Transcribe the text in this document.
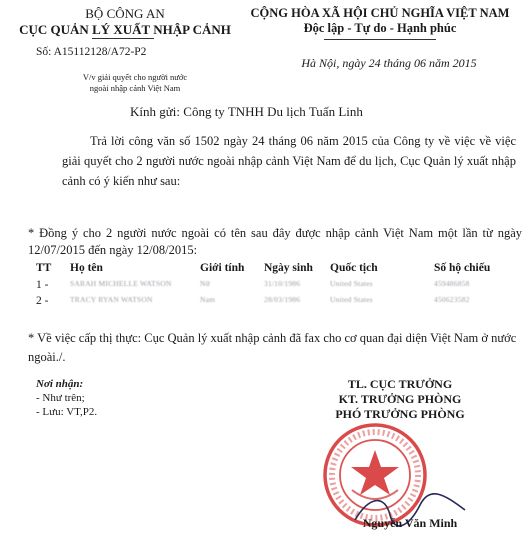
BỘ CÔNG AN
CỤC QUẢN LÝ XUẤT NHẬP CẢNH
Số: A15112128/A72-P2
V/v giải quyết cho người nước
ngoài nhập cảnh Việt Nam
CỘNG HÒA XÃ HỘI CHỦ NGHĨA VIỆT NAM
Độc lập - Tự do - Hạnh phúc
Hà Nội, ngày 24 tháng 06 năm 2015
Kính gửi: Công ty TNHH Du lịch Tuấn Linh
Trả lời công văn số 1502 ngày 24 tháng 06 năm 2015 của Công ty về việc về việc giải quyết cho 2 người nước ngoài nhập cảnh Việt Nam để du lịch, Cục Quản lý xuất nhập cảnh có ý kiến như sau:
* Đồng ý cho 2 người nước ngoài có tên sau đây được nhập cảnh Việt Nam một lần từ ngày 12/07/2015 đến ngày 12/08/2015:
TT	Họ tên	Giới tính	Ngày sinh	Quốc tịch	Số hộ chiếu
1 -	SARAH MICHELLE WATSON	Nữ	31/10/1986	United States	459486858
2 -	TRACY RYAN WATSON	Nam	28/03/1986	United States	450623582
* Về việc cấp thị thực: Cục Quản lý xuất nhập cảnh đã fax cho cơ quan đại diện Việt Nam ở nước ngoài./.
Nơi nhận:
- Như trên;
- Lưu: VT,P2.
TL. CỤC TRƯỞNG
KT. TRƯỞNG PHÒNG
PHÓ TRƯỞNG PHÒNG
Nguyễn Văn Minh
